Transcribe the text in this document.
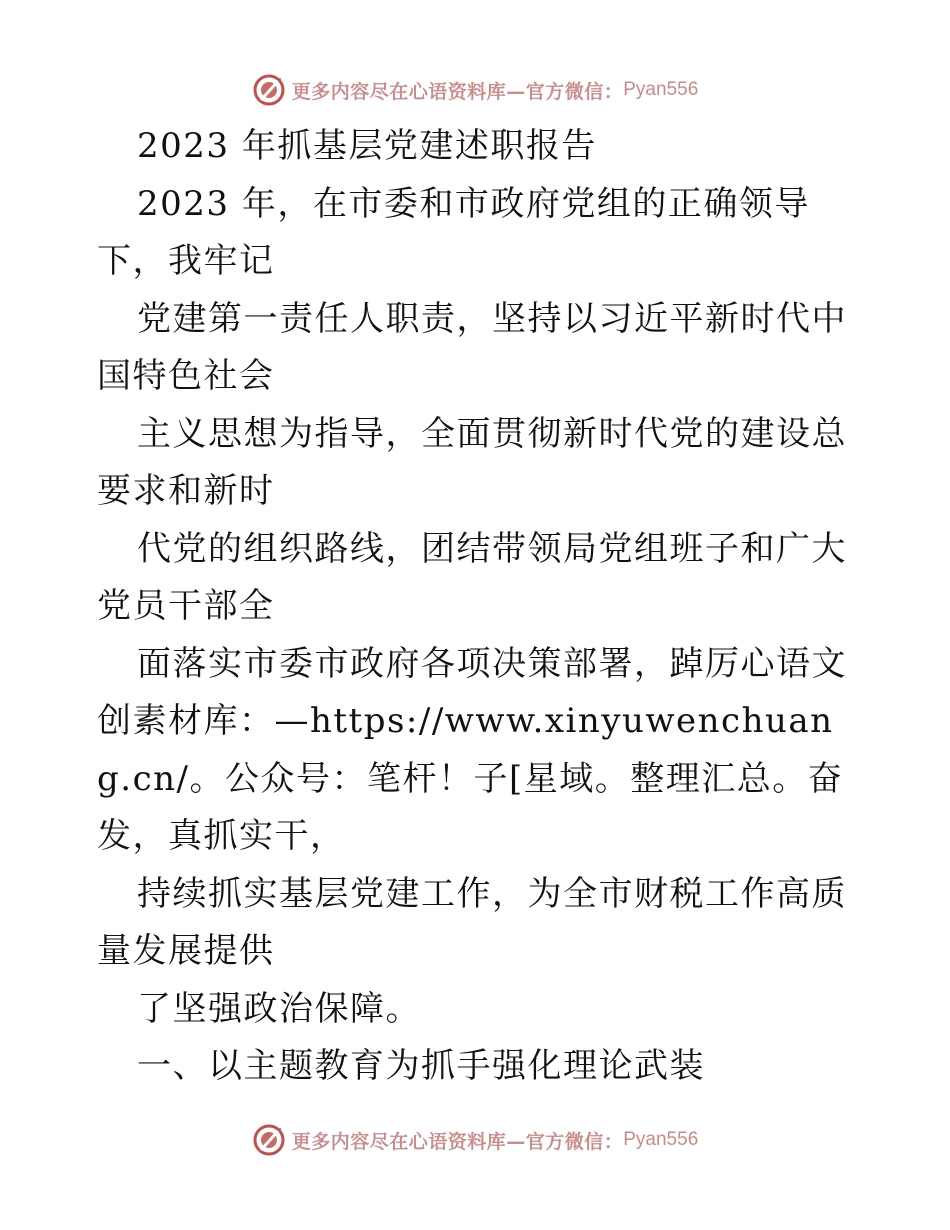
更多内容尽在心语资料库—官方微信： Pyan556

2023 年抓基层党建述职报告

2023 年，在市委和市政府党组的正确领导下，我牢记

党建第一责任人职责，坚持以习近平新时代中国特色社会

主义思想为指导，全面贯彻新时代党的建设总要求和新时

代党的组织路线，团结带领局党组班子和广大党员干部全

面落实市委市政府各项决策部署，踔厉心语文创素材库：—https://www.xinyuwenchuang.cn/。公众号：笔杆！子[星域。整理汇总。奋发，真抓实干，

持续抓实基层党建工作，为全市财税工作高质量发展提供

了坚强政治保障。

一、以主题教育为抓手强化理论武装

更多内容尽在心语资料库—官方微信： Pyan556
